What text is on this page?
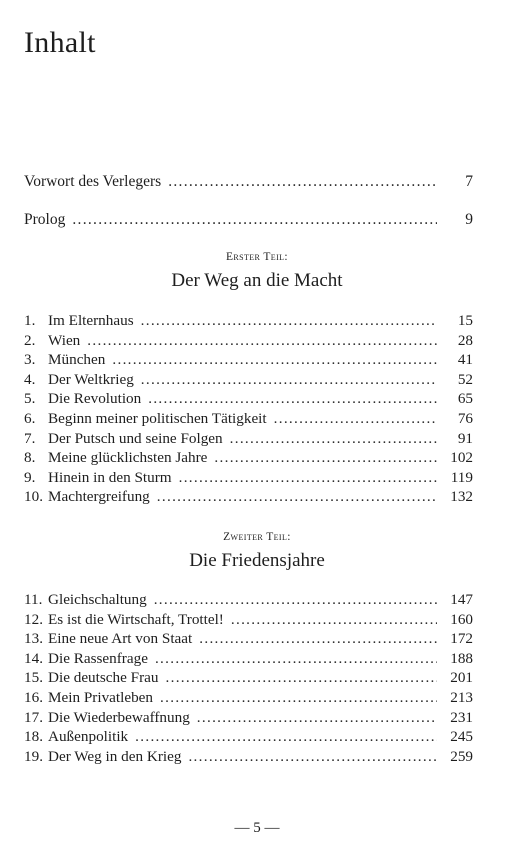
Inhalt
Vorwort des Verlegers .....	7
Prolog .....	9
Erster Teil:
Der Weg an die Macht
1. Im Elternhaus .....	15
2. Wien .....	28
3. München .....	41
4. Der Weltkrieg .....	52
5. Die Revolution .....	65
6. Beginn meiner politischen Tätigkeit .....	76
7. Der Putsch und seine Folgen .....	91
8. Meine glücklichsten Jahre .....	102
9. Hinein in den Sturm .....	119
10. Machtergreifung .....	132
Zweiter Teil:
Die Friedensjahre
11. Gleichschaltung .....	147
12. Es ist die Wirtschaft, Trottel! .....	160
13. Eine neue Art von Staat .....	172
14. Die Rassenfrage .....	188
15. Die deutsche Frau .....	201
16. Mein Privatleben .....	213
17. Die Wiederbewaffnung .....	231
18. Außenpolitik .....	245
19. Der Weg in den Krieg .....	259
— 5 —
